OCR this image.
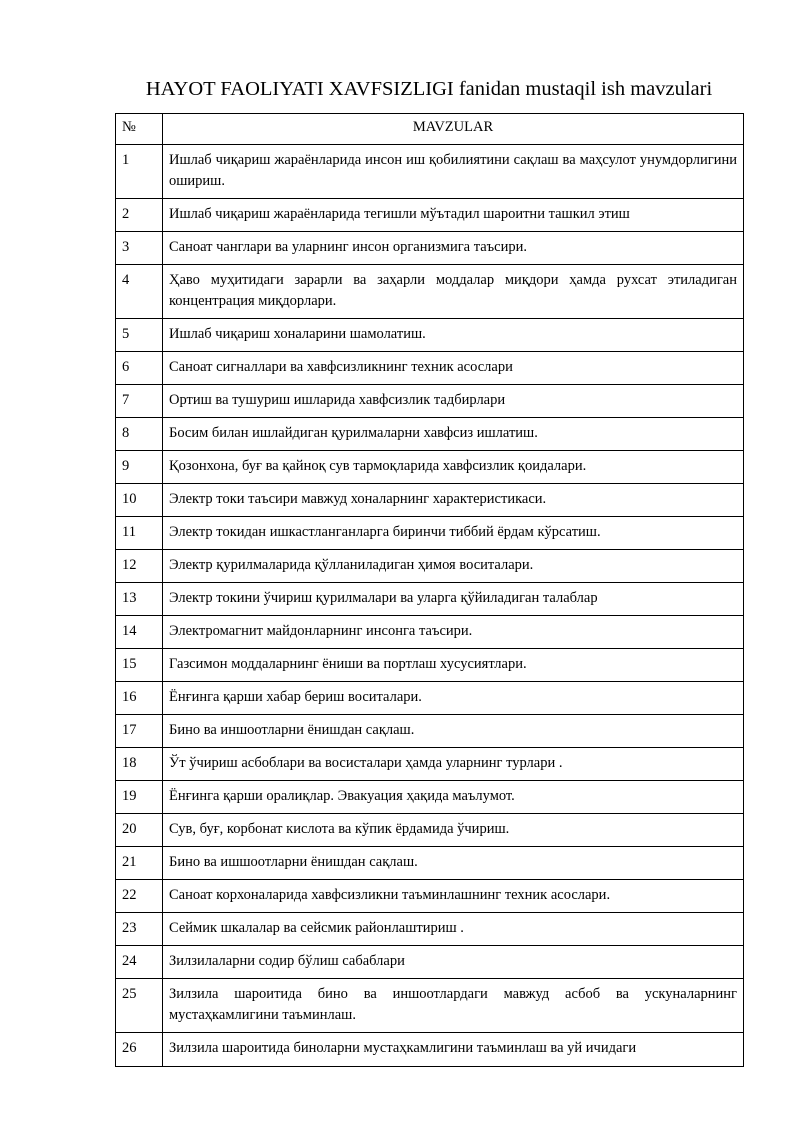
HAYOT FAOLIYATI XAVFSIZLIGI fanidan mustaqil ish mavzulari
№	MAVZULAR
1	Ишлаб чиқариш жараёнларида инсон иш қобилиятини сақлаш ва маҳсулот унумдорлигини ошириш.
2	Ишлаб чиқариш жараёнларида тегишли мўътадил шароитни ташкил этиш
3	Саноат чанглари ва уларнинг инсон организмига таъсири.
4	Ҳаво муҳитидаги зарарли ва заҳарли моддалар миқдори ҳамда рухсат этиладиган концентрация миқдорлари.
5	Ишлаб чиқариш хоналарини шамолатиш.
6	Саноат сигналлари ва хавфсизликнинг техник асослари
7	Ортиш ва тушуриш ишларида хавфсизлик тадбирлари
8	Босим билан ишлайдиган қурилмаларни хавфсиз ишлатиш.
9	Қозонхона, буғ ва қайноқ сув тармоқларида хавфсизлик қоидалари.
10	Электр токи таъсири мавжуд хоналарнинг характеристикаси.
11	Электр токидан ишкастланганларга биринчи тиббий ёрдам кўрсатиш.
12	Электр қурилмаларида қўлланиладиган ҳимоя воситалари.
13	Электр токини ўчириш қурилмалари ва уларга қўйиладиган талаблар
14	Электромагнит майдонларнинг инсонга таъсири.
15	Газсимон моддаларнинг ёниши ва портлаш хусусиятлари.
16	Ёнғинга қарши хабар бериш воситалари.
17	Бино ва иншоотларни ёнишдан сақлаш.
18	Ўт ўчириш асбоблари ва восисталари ҳамда уларнинг турлари .
19	Ёнғинга қарши оралиқлар. Эвакуация ҳақида маълумот.
20	Сув, буғ, корбонат кислота ва кўпик ёрдамида ўчириш.
21	Бино ва ишшоотларни ёнишдан сақлаш.
22	Саноат корхоналарида хавфсизликни таъминлашнинг техник асослари.
23	Сеймик шкалалар ва сейсмик районлаштириш .
24	Зилзилаларни содир бўлиш сабаблари
25	Зилзила шароитида бино ва иншоотлардаги мавжуд асбоб ва ускуналарнинг мустаҳкамлигини таъминлаш.
26	Зилзила шароитида биноларни мустаҳкамлигини таъминлаш ва уй ичидаги
